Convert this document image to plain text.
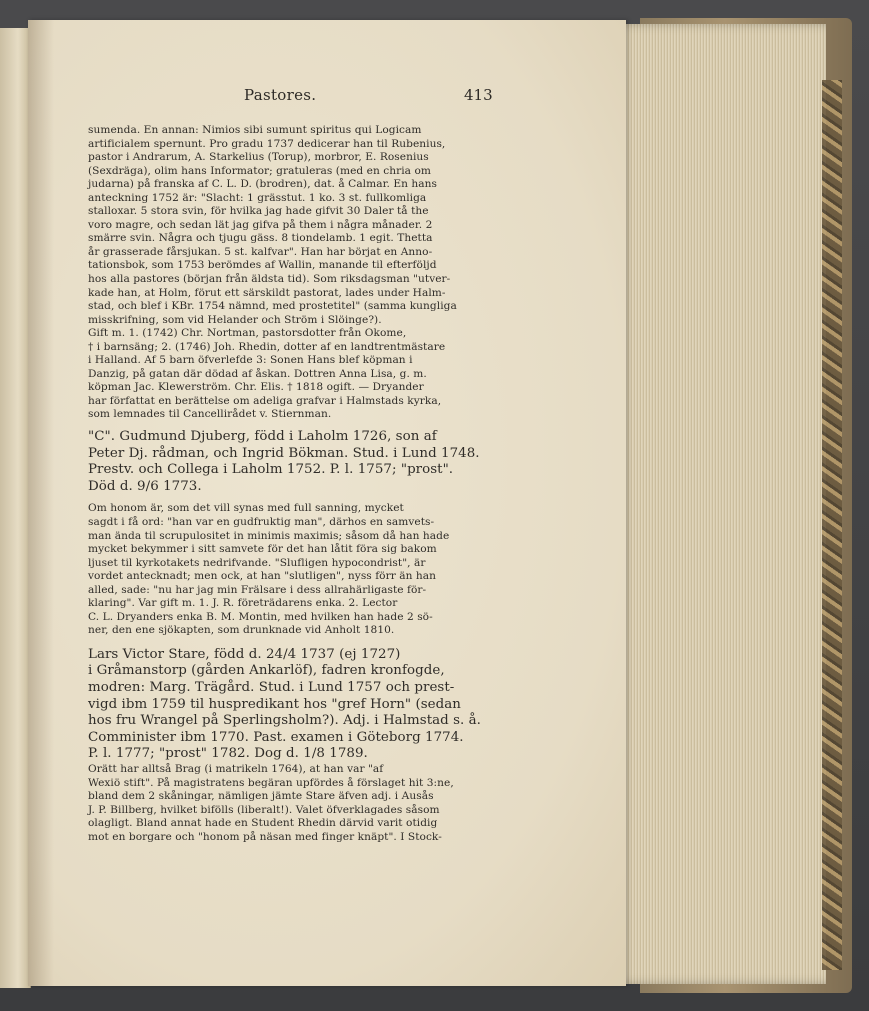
Pastores.	413
sumenda. En annan: Nimios sibi sumunt spiritus qui Logicam
artificialem spernunt. Pro gradu 1737 dedicerar han til Rubenius,
pastor i Andrarum, A. Starkelius (Torup), morbror, E. Rosenius
(Sexdräga), olim hans Informator; gratuleras (med en chria om
judarna) på franska af C. L. D. (brodren), dat. å Calmar. En hans
anteckning 1752 är: "Slacht: 1 grässtut. 1 ko. 3 st. fullkomliga
stalloxar. 5 stora svin, för hvilka jag hade gifvit 30 Daler tå the
voro magre, och sedan lät jag gifva på them i några månader. 2
smärre svin. Några och tjugu gäss. 8 tiondelamb. 1 egit. Thetta
år grasserade fårsjukan. 5 st. kalfvar". Han har börjat en Anno-
tationsbok, som 1753 berömdes af Wallin, manande til efterföljd
hos alla pastores (början från äldsta tid). Som riksdagsman "utver-
kade han, at Holm, förut ett särskildt pastorat, lades under Halm-
stad, och blef i KBr. 1754 nämnd, med prostetitel" (samma kungliga
misskrifning, som vid Helander och Ström i Slöinge?).
Gift m. 1. (1742) Chr. Nortman, pastorsdotter från Okome,
† i barnsäng; 2. (1746) Joh. Rhedin, dotter af en landtrentmästare
i Halland. Af 5 barn öfverlefde 3: Sonen Hans blef köpman i
Danzig, på gatan där dödad af åskan. Dottren Anna Lisa, g. m.
köpman Jac. Klewerström. Chr. Elis. † 1818 ogift. — Dryander
har författat en berättelse om adeliga grafvar i Halmstads kyrka,
som lemnades til Cancellirådet v. Stiernman.
"C". Gudmund Djuberg, född i Laholm 1726, son af
Peter Dj. rådman, och Ingrid Bökman. Stud. i Lund 1748.
Prestv. och Collega i Laholm 1752. P. l. 1757; "prost".
Död d. 9/6 1773.
Om honom är, som det vill synas med full sanning, mycket
sagdt i få ord: "han var en gudfruktig man", därhos en samvets-
man ända til scrupulositet in minimis maximis; såsom då han hade
mycket bekymmer i sitt samvete för det han låtit föra sig bakom
ljuset til kyrkotakets nedrifvande. "Slufligen hypocondrist", är
vordet antecknadt; men ock, at han "slutligen", nyss förr än han
alled, sade: "nu har jag min Frälsare i dess allrahärligaste för-
klaring". Var gift m. 1. J. R. företrädarens enka. 2. Lector
C. L. Dryanders enka B. M. Montin, med hvilken han hade 2 sö-
ner, den ene sjökapten, som drunknade vid Anholt 1810.
Lars Victor Stare, född d. 24/4 1737 (ej 1727)
i Gråmanstorp (gården Ankarlöf), fadren kronfogde,
modren: Marg. Trägård. Stud. i Lund 1757 och prest-
vigd ibm 1759 til huspredikant hos "gref Horn" (sedan
hos fru Wrangel på Sperlingsholm?). Adj. i Halmstad s. å.
Comminister ibm 1770. Past. examen i Göteborg 1774.
P. l. 1777; "prost" 1782. Dog d. 1/8 1789.
Orätt har alltså Brag (i matrikeln 1764), at han var "af
Wexiö stift". På magistratens begäran upfördes å förslaget hit 3:ne,
bland dem 2 skåningar, nämligen jämte Stare äfven adj. i Ausås
J. P. Billberg, hvilket bifölls (liberalt!). Valet öfverklagades såsom
olagligt. Bland annat hade en Student Rhedin därvid varit otidig
mot en borgare och "honom på näsan med finger knäpt". I Stock-
